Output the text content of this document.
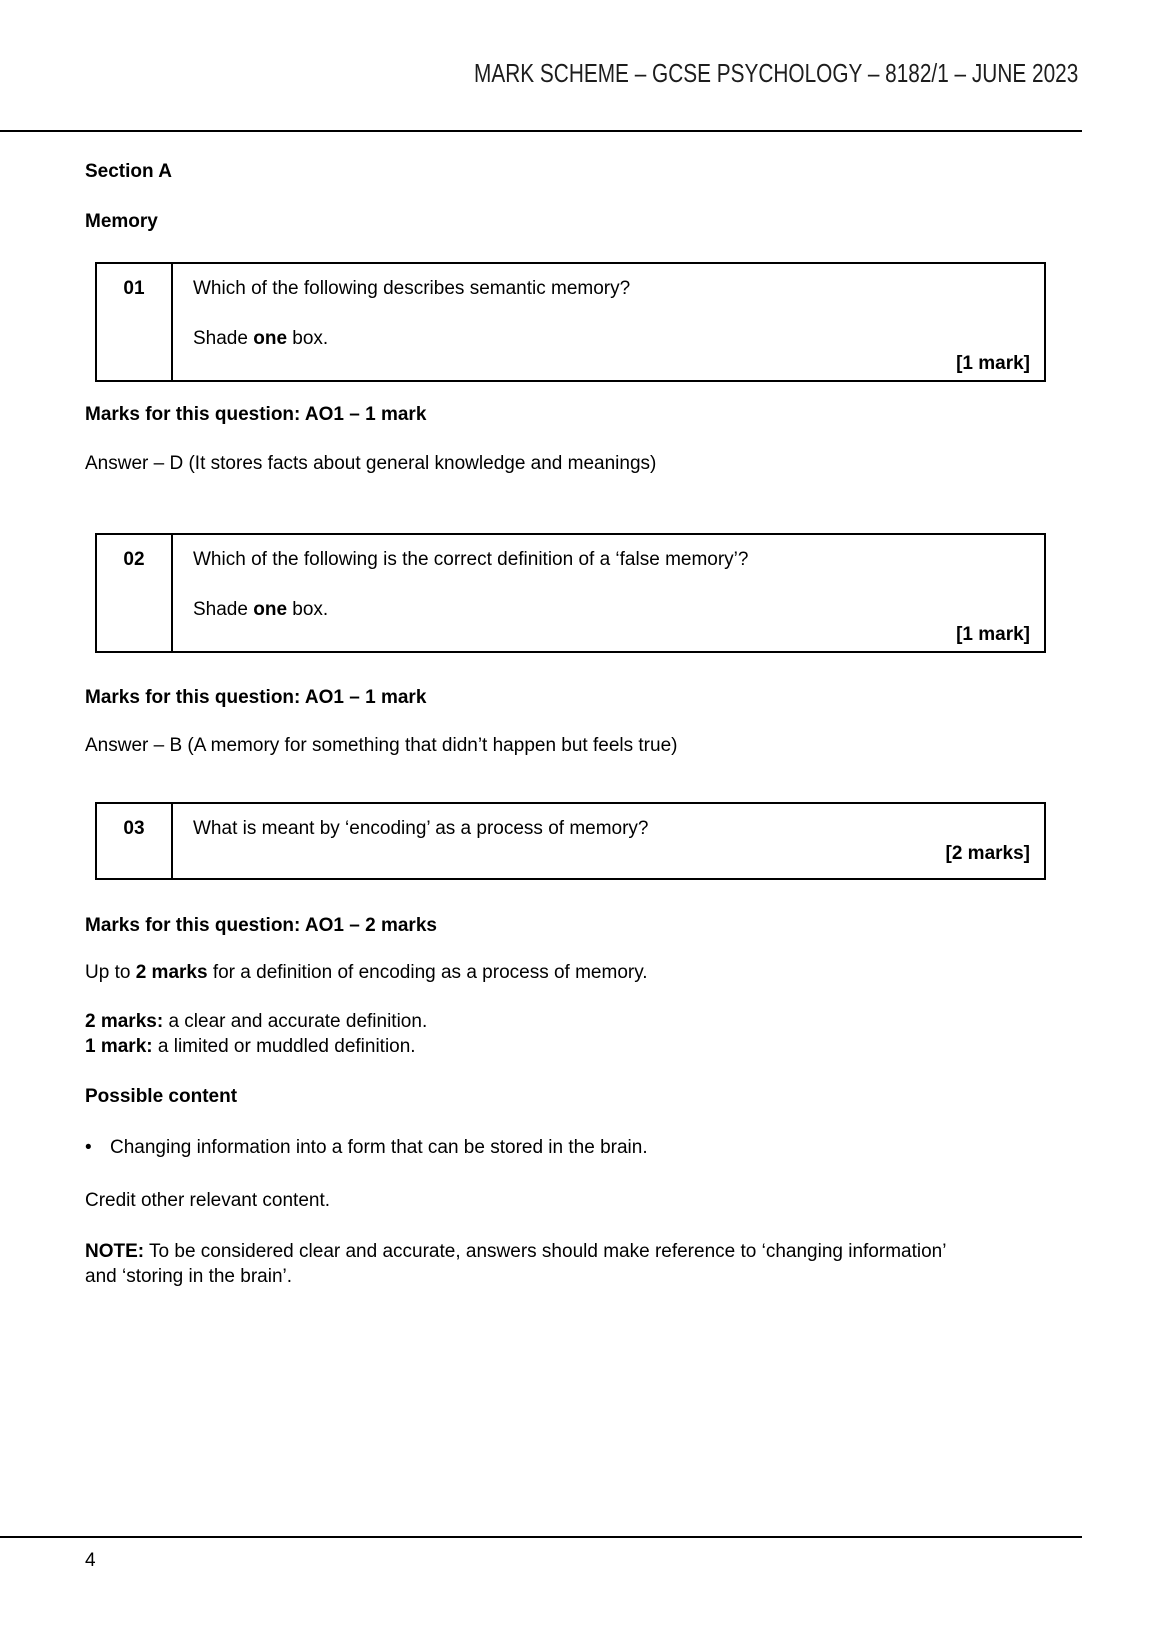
MARK SCHEME – GCSE PSYCHOLOGY – 8182/1 – JUNE 2023
Section A
Memory
01	Which of the following describes semantic memory?
Shade one box.
[1 mark]
Marks for this question: AO1 – 1 mark
Answer – D (It stores facts about general knowledge and meanings)
02	Which of the following is the correct definition of a ‘false memory’?
Shade one box.
[1 mark]
Marks for this question: AO1 – 1 mark
Answer – B (A memory for something that didn’t happen but feels true)
03	What is meant by ‘encoding’ as a process of memory?
[2 marks]
Marks for this question: AO1 – 2 marks
Up to 2 marks for a definition of encoding as a process of memory.
2 marks: a clear and accurate definition.
1 mark: a limited or muddled definition.
Possible content
• Changing information into a form that can be stored in the brain.
Credit other relevant content.
NOTE: To be considered clear and accurate, answers should make reference to ‘changing information’
and ‘storing in the brain’.
4
